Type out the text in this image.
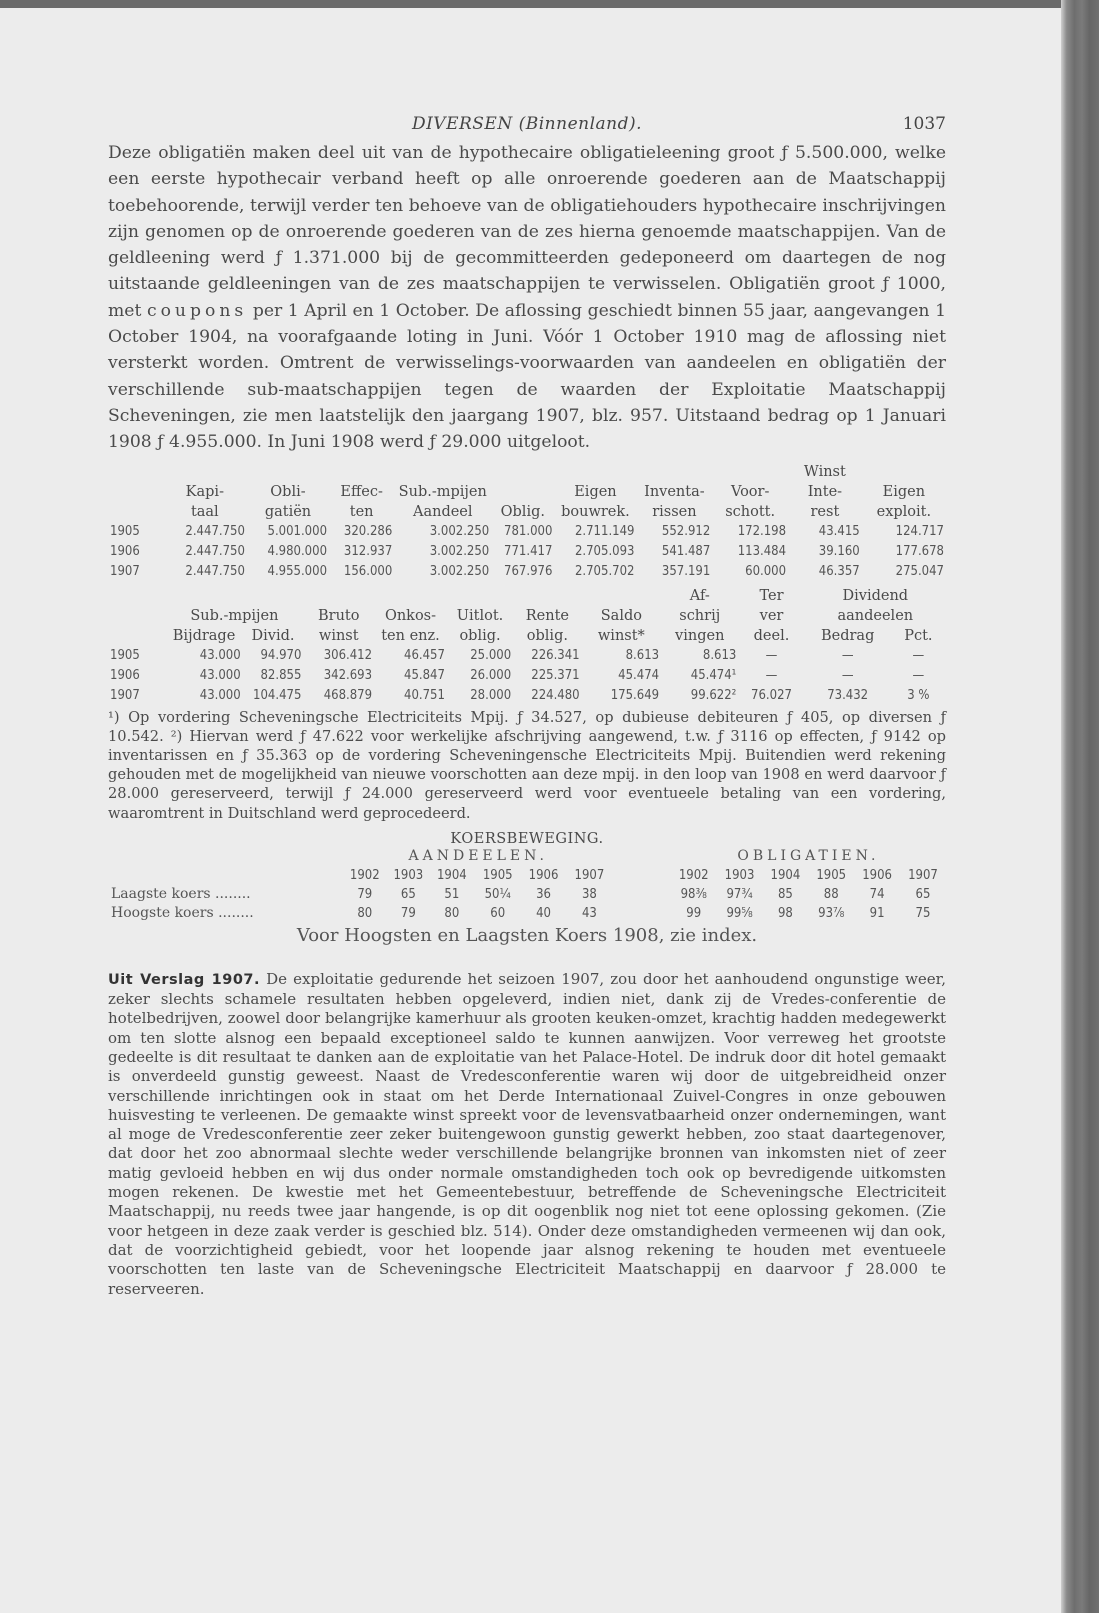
DIVERSEN (Binnenland).	1037

Deze obligatiën maken deel uit van de hypothecaire obligatieleening groot ƒ 5.500.000, welke een eerste hypothecair verband heeft op alle onroerende goederen aan de Maatschappij toebehoorende, terwijl verder ten behoeve van de obligatiehouders hypothecaire inschrijvingen zijn genomen op de onroerende goederen van de zes hierna genoemde maatschappijen. Van de geldleening werd ƒ 1.371.000 bij de gecommitteerden gedeponeerd om daartegen de nog uitstaande geldleeningen van de zes maatschappijen te verwisselen. Obligatiën groot ƒ 1000, met coupons per 1 April en 1 October. De aflossing geschiedt binnen 55 jaar, aangevangen 1 October 1904, na voorafgaande loting in Juni. Vóór 1 October 1910 mag de aflossing niet versterkt worden. Omtrent de verwisselings-voorwaarden van aandeelen en obligatiën der verschillende sub-maatschappijen tegen de waarden der Exploitatie Maatschappij Scheveningen, zie men laatstelijk den jaargang 1907, blz. 957. Uitstaand bedrag op 1 Januari 1908 ƒ 4.955.000. In Juni 1908 werd ƒ 29.000 uitgeloot.

									Winst	
	Kapi-	Obli-	Effec-	Sub.-mpijen		Eigen	Inventa-	Voor-	Inte-	Eigen
	taal	gatiën	ten	Aandeel	Oblig.	bouwrek.	rissen	schott.	rest	exploit.
1905	2.447.750	5.001.000	320.286	3.002.250	781.000	2.711.149	552.912	172.198	43.415	124.717
1906	2.447.750	4.980.000	312.937	3.002.250	771.417	2.705.093	541.487	113.484	39.160	177.678
1907	2.447.750	4.955.000	156.000	3.002.250	767.976	2.705.702	357.191	60.000	46.357	275.047
								Af-	Ter	Dividend	
	Sub.-mpijen		Bruto	Onkos-	Uitlot.	Rente	Saldo	schrij	ver	aandeelen	
	Bijdrage	Divid.	winst	ten enz.	oblig.	oblig.	winst*	vingen	deel.	Bedrag	Pct.
1905	43.000	94.970	306.412	46.457	25.000	226.341	8.613	8.613	—	—	—
1906	43.000	82.855	342.693	45.847	26.000	225.371	45.474	45.474¹	—	—	—
1907	43.000	104.475	468.879	40.751	28.000	224.480	175.649	99.622²	76.027	73.432	3 %

¹) Op vordering Scheveningsche Electriciteits Mpij. ƒ 34.527, op dubieuse debiteuren ƒ 405, op diversen ƒ 10.542. ²) Hiervan werd ƒ 47.622 voor werkelijke afschrijving aangewend, t.w. ƒ 3116 op effecten, ƒ 9142 op inventarissen en ƒ 35.363 op de vordering Scheveningensche Electriciteits Mpij. Buitendien werd rekening gehouden met de mogelijkheid van nieuwe voorschotten aan deze mpij. in den loop van 1908 en werd daarvoor ƒ 28.000 gereserveerd, terwijl ƒ 24.000 gereserveerd werd voor eventueele betaling van een vordering, waaromtrent in Duitschland werd geprocedeerd.

KOERSBEWEGING.
	AANDEELEN.							OBLIGATIEN.					
	1902	1903	1904	1905	1906	1907		1902	1903	1904	1905	1906	1907
Laagste koers ........	79	65	51	50¼	36	38		98⅜	97¾	85	88	74	65
Hoogste koers ........	80	79	80	60	40	43		99	99⅝	98	93⅞	91	75
Voor Hoogsten en Laagsten Koers 1908, zie index.

Uit Verslag 1907. De exploitatie gedurende het seizoen 1907, zou door het aanhoudend ongunstige weer, zeker slechts schamele resultaten hebben opgeleverd, indien niet, dank zij de Vredes-conferentie de hotelbedrijven, zoowel door belangrijke kamerhuur als grooten keuken-omzet, krachtig hadden medegewerkt om ten slotte alsnog een bepaald exceptioneel saldo te kunnen aanwijzen. Voor verreweg het grootste gedeelte is dit resultaat te danken aan de exploitatie van het Palace-Hotel. De indruk door dit hotel gemaakt is onverdeeld gunstig geweest. Naast de Vredesconferentie waren wij door de uitgebreidheid onzer verschillende inrichtingen ook in staat om het Derde Internationaal Zuivel-Congres in onze gebouwen huisvesting te verleenen. De gemaakte winst spreekt voor de levensvatbaarheid onzer ondernemingen, want al moge de Vredesconferentie zeer zeker buitengewoon gunstig gewerkt hebben, zoo staat daartegenover, dat door het zoo abnormaal slechte weder verschillende belangrijke bronnen van inkomsten niet of zeer matig gevloeid hebben en wij dus onder normale omstandigheden toch ook op bevredigende uitkomsten mogen rekenen. De kwestie met het Gemeentebestuur, betreffende de Scheveningsche Electriciteit Maatschappij, nu reeds twee jaar hangende, is op dit oogenblik nog niet tot eene oplossing gekomen. (Zie voor hetgeen in deze zaak verder is geschied blz. 514). Onder deze omstandigheden vermeenen wij dan ook, dat de voorzichtigheid gebiedt, voor het loopende jaar alsnog rekening te houden met eventueele voorschotten ten laste van de Scheveningsche Electriciteit Maatschappij en daarvoor ƒ 28.000 te reserveeren.
